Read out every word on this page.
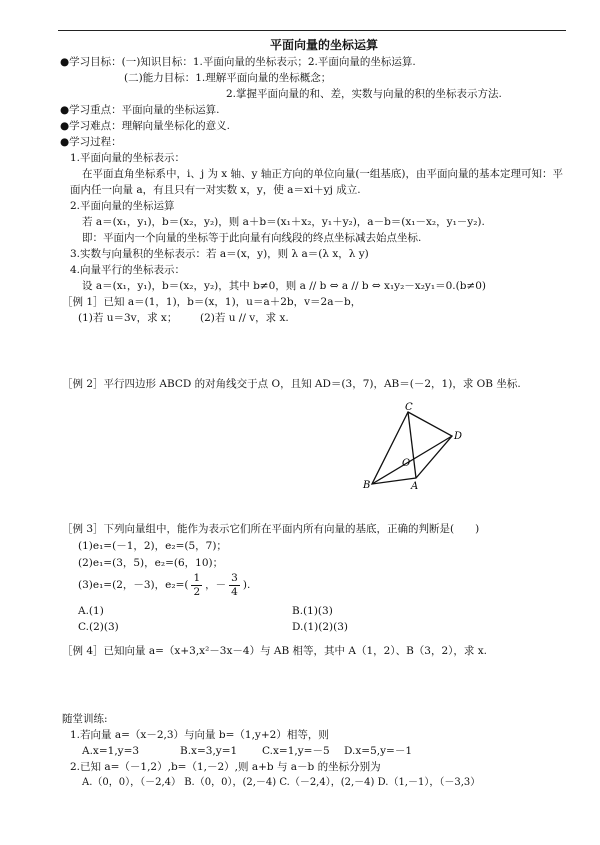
平面向量的坐标运算
●学习目标：(一)知识目标：1.平面向量的坐标表示；2.平面向量的坐标运算.
(二)能力目标：1.理解平面向量的坐标概念；
2.掌握平面向量的和、差，实数与向量的积的坐标表示方法.
●学习重点：平面向量的坐标运算.
●学习难点：理解向量坐标化的意义.
●学习过程：
1.平面向量的坐标表示：
在平面直角坐标系中，i、j 为 x 轴、y 轴正方向的单位向量(一组基底)，由平面向量的基本定理可知：平
面内任一向量 a，有且只有一对实数 x，y，使 a＝xi＋yj 成立.
2.平面向量的坐标运算
若 a＝(x₁，y₁)，b＝(x₂，y₂)，则 a＋b＝(x₁＋x₂，y₁＋y₂)，a－b＝(x₁－x₂，y₁－y₂).
即：平面内一个向量的坐标等于此向量有向线段的终点坐标减去始点坐标.
3.实数与向量积的坐标表示：若 a＝(x，y)，则 λ a＝(λ x，λ y)
4.向量平行的坐标表示：
设 a＝(x₁，y₁)，b＝(x₂，y₂)，其中 b≠0，则 a // b ⇔ a // b ⇔ x₁y₂－x₂y₁＝0.(b≠0)
［例 1］已知 a＝(1，1)，b＝(x，1)，u＝a＋2b，v＝2a－b，
(1)若 u＝3v，求 x； (2)若 u // v，求 x.
［例 2］平行四边形 ABCD 的对角线交于点 O，且知 AD＝(3，7)，AB＝(－2，1)，求 OB 坐标.
C
D
B	A
O
［例 3］下列向量组中，能作为表示它们所在平面内所有向量的基底，正确的判断是(　　)
(1)e₁=(－1，2)，e₂=(5，7)；
(2)e₁=(3，5)，e₂=(6，10)；
(3)e₁=(2，－3)，$e_2=( \frac{1}{2}$ ，－ $\frac{3}{4}$ ).
A.(1)	B.(1)(3)
C.(2)(3)	D.(1)(2)(3)
［例 4］已知向量 a=（x+3,x²－3x－4）与 AB 相等，其中 A（1，2）、B（3，2），求 x.
随堂训练:
1.若向量 a=（x－2,3）与向量 b=（1,y+2）相等，则
A.x=1,y=3	B.x=3,y=1 C.x=1,y=－5 D.x=5,y=－1
2.已知 a=（－1,2）,b=（1,－2）,则 a+b 与 a－b 的坐标分别为
A.（0，0），（－2,4） B.（0，0），(2,－4) C.（－2,4），(2,－4) D.（1,－1），（－3,3）
